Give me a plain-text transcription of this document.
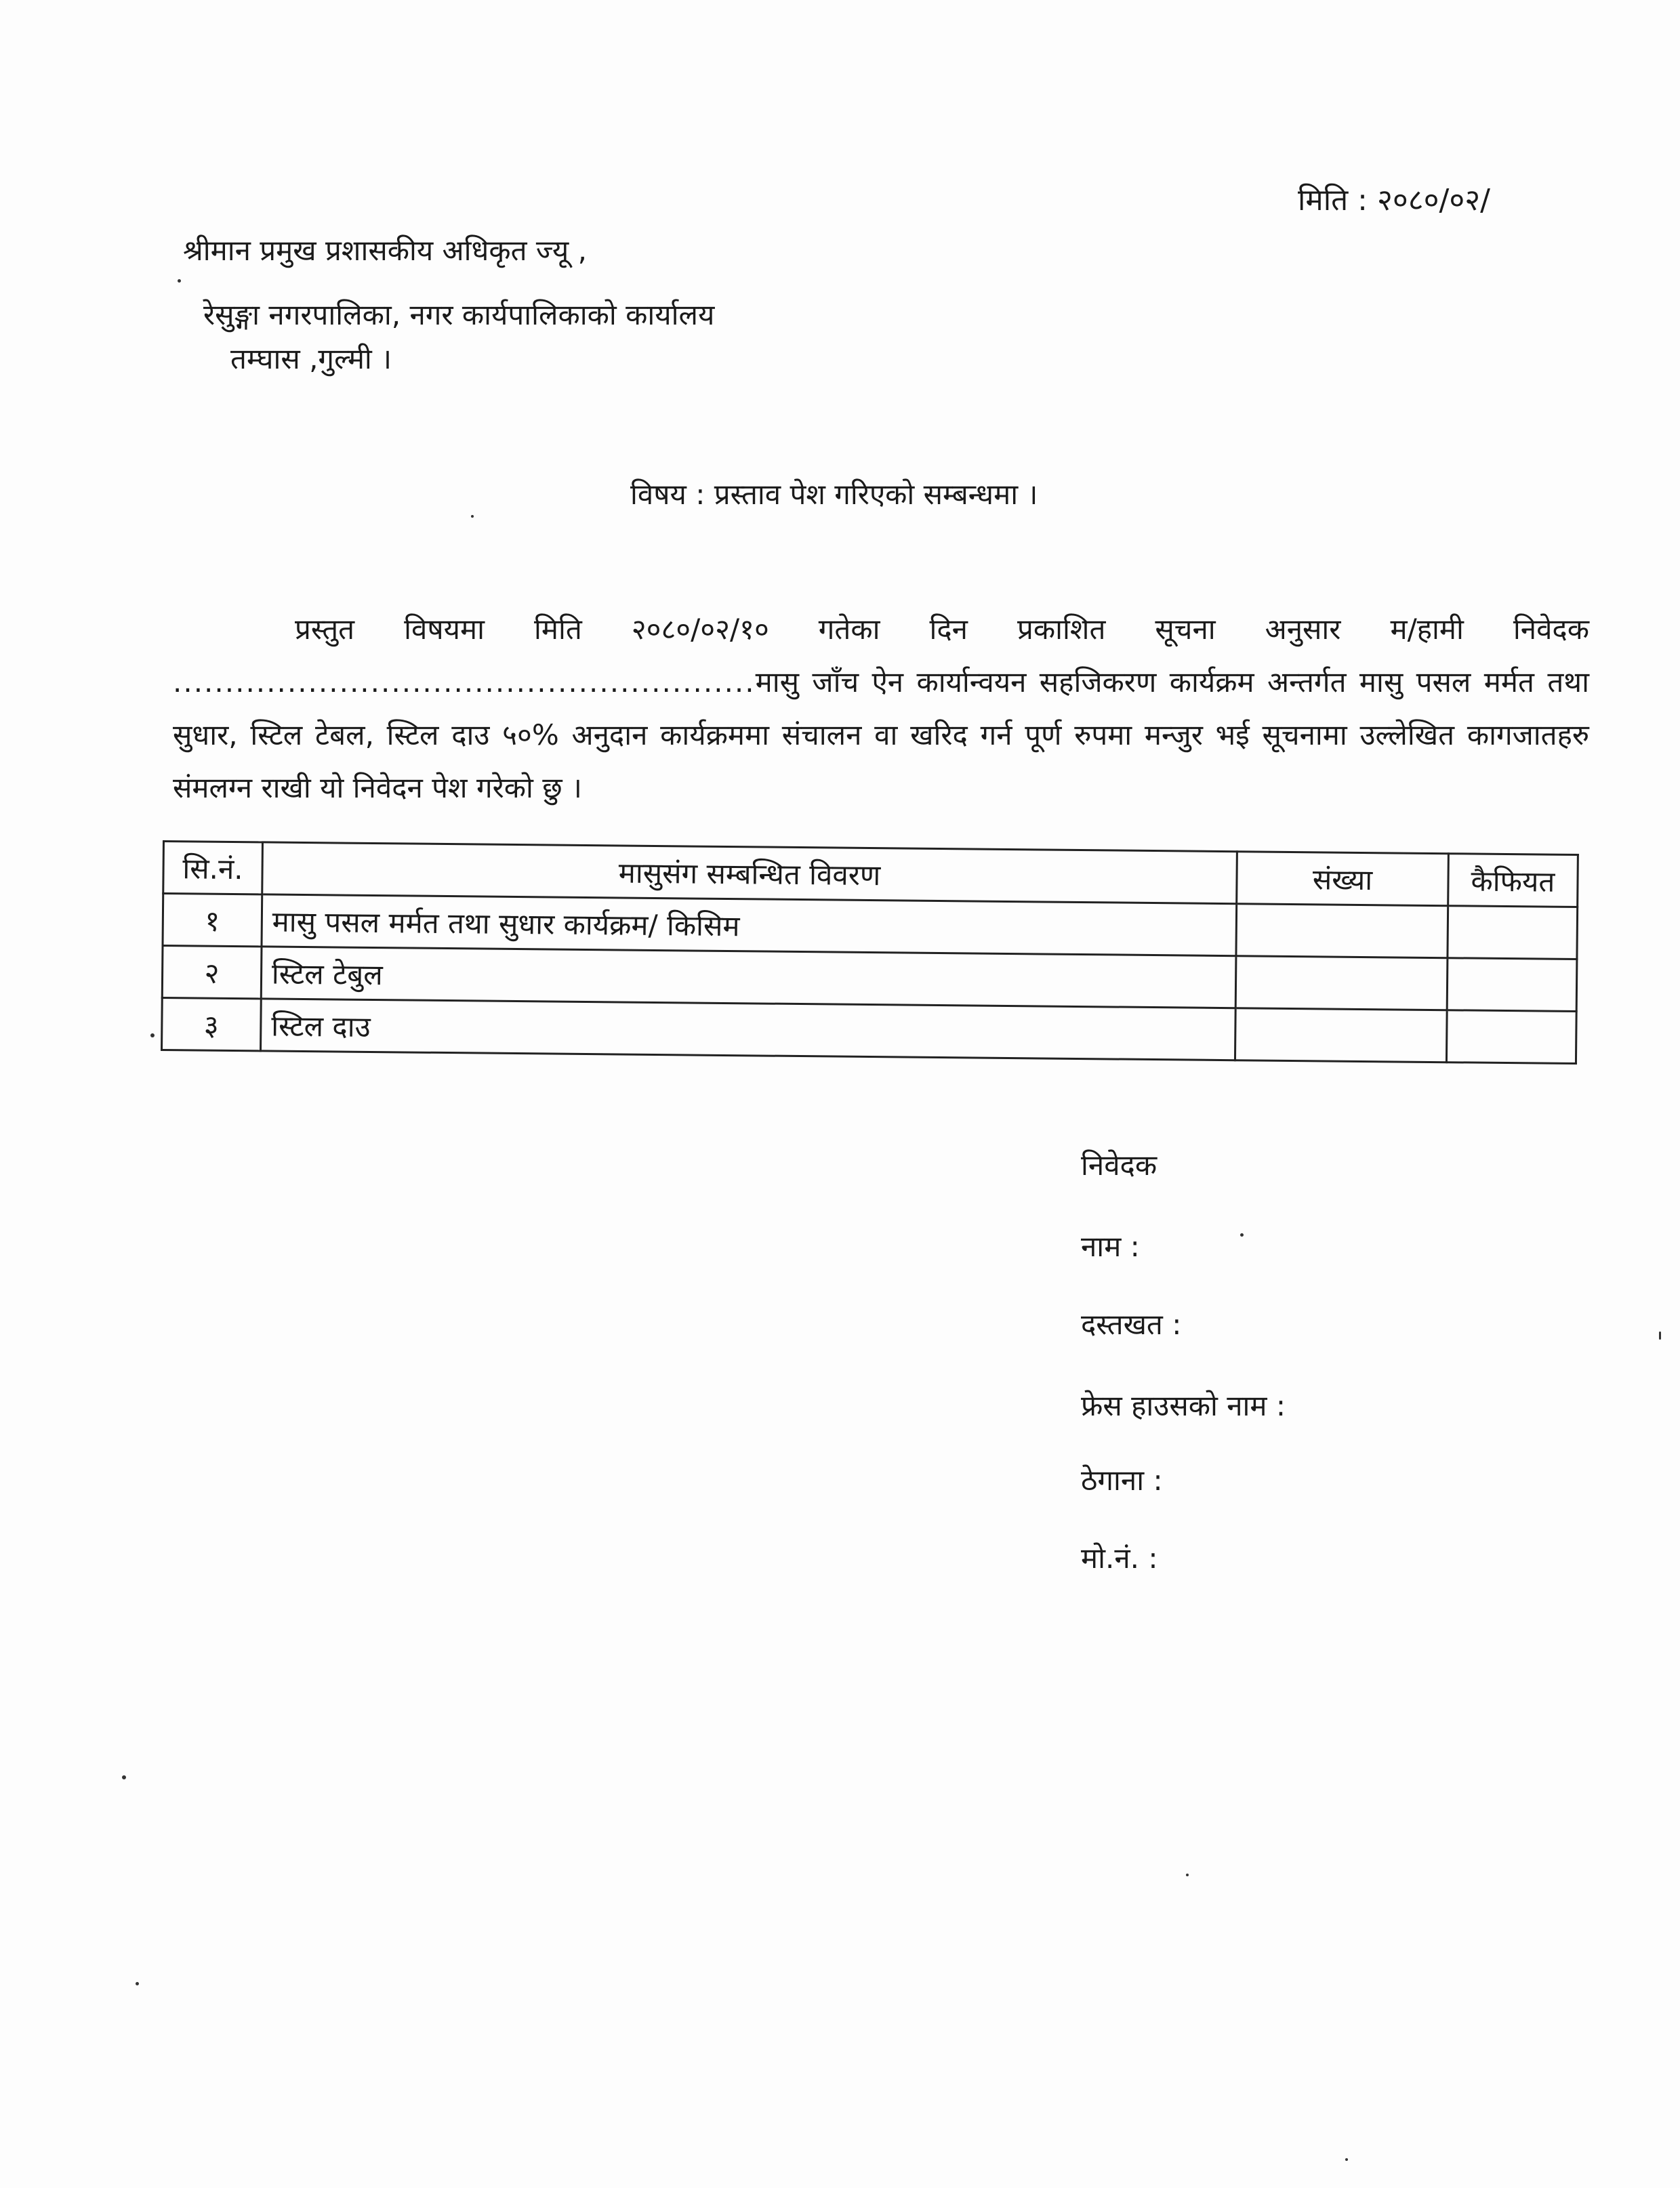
मिति : २०८०/०२/
श्रीमान प्रमुख प्रशासकीय अधिकृत ज्यू ,
रेसुङ्गा नगरपालिका, नगर कार्यपालिकाको कार्यालय
तम्घास ,गुल्मी ।
विषय : प्रस्ताव पेश गरिएको सम्बन्धमा ।
प्रस्तुत विषयमा मिति २०८०/०२/१० गतेका दिन प्रकाशित सूचना अनुसार म/हामी निवेदक ........................................................मासु जाँच ऐन कार्यान्वयन सहजिकरण कार्यक्रम अन्तर्गत मासु पसल मर्मत तथा सुधार, स्टिल टेबल, स्टिल दाउ ५०% अनुदान कार्यक्रममा संचालन वा खरिद गर्न पूर्ण रुपमा मन्जुर भई सूचनामा उल्लेखित कागजातहरु संमलग्न राखी यो निवेदन पेश गरेको छु ।
सि.नं.	मासुसंग सम्बन्धित विवरण	संख्या	कैफियत
१	मासु पसल मर्मत तथा सुधार कार्यक्रम/ किसिम		
२	स्टिल टेबुल		
३	स्टिल दाउ		
निवेदक
नाम :
दस्तखत :
फ्रेस हाउसको नाम :
ठेगाना :
मो.नं. :
